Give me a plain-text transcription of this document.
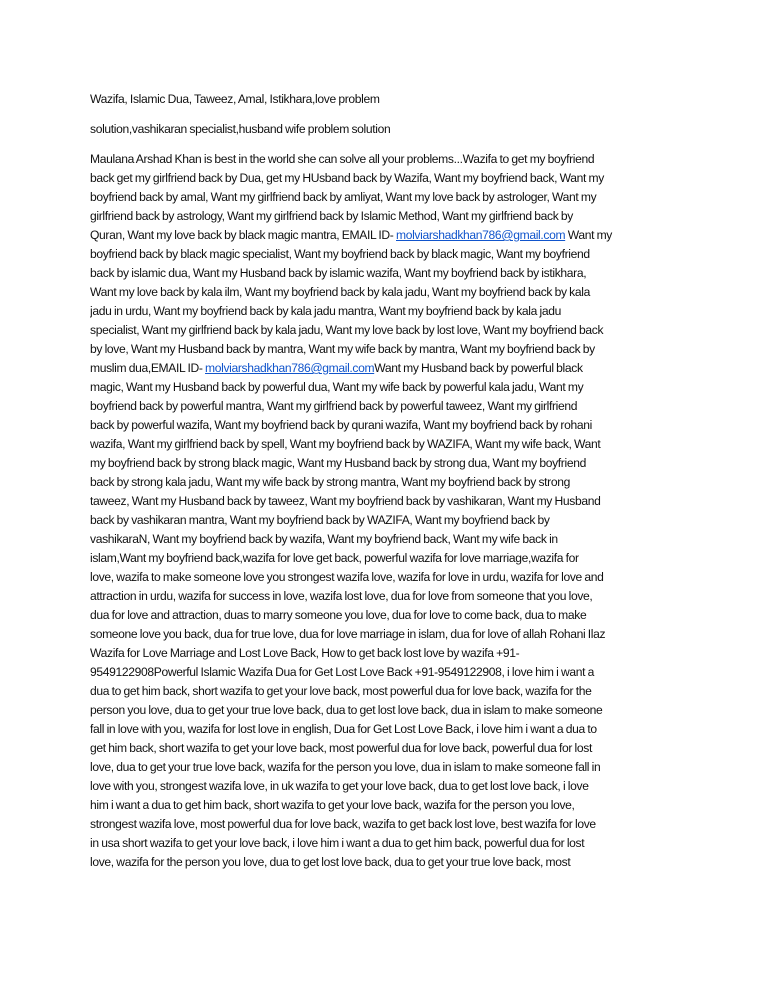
Wazifa, Islamic Dua, Taweez, Amal, Istikhara,love problem
solution,vashikaran specialist,husband wife problem solution
Maulana Arshad Khan is best in the world she can solve all your problems...Wazifa to get my boyfriend
back get my girlfriend back by Dua, get my HUsband back by Wazifa, Want my boyfriend back, Want my
boyfriend back by amal, Want my girlfriend back by amliyat, Want my love back by astrologer, Want my
girlfriend back by astrology, Want my girlfriend back by Islamic Method, Want my girlfriend back by
Quran, Want my love back by black magic mantra, EMAIL ID- molviarshadkhan786@gmail.com Want my
boyfriend back by black magic specialist, Want my boyfriend back by black magic, Want my boyfriend
back by islamic dua, Want my Husband back by islamic wazifa, Want my boyfriend back by istikhara,
Want my love back by kala ilm, Want my boyfriend back by kala jadu, Want my boyfriend back by kala
jadu in urdu, Want my boyfriend back by kala jadu mantra, Want my boyfriend back by kala jadu
specialist, Want my girlfriend back by kala jadu, Want my love back by lost love, Want my boyfriend back
by love, Want my Husband back by mantra, Want my wife back by mantra, Want my boyfriend back by
muslim dua,EMAIL ID- molviarshadkhan786@gmail.comWant my Husband back by powerful black
magic, Want my Husband back by powerful dua, Want my wife back by powerful kala jadu, Want my
boyfriend back by powerful mantra, Want my girlfriend back by powerful taweez, Want my girlfriend
back by powerful wazifa, Want my boyfriend back by qurani wazifa, Want my boyfriend back by rohani
wazifa, Want my girlfriend back by spell, Want my boyfriend back by WAZIFA, Want my wife back, Want
my boyfriend back by strong black magic, Want my Husband back by strong dua, Want my boyfriend
back by strong kala jadu, Want my wife back by strong mantra, Want my boyfriend back by strong
taweez, Want my Husband back by taweez, Want my boyfriend back by vashikaran, Want my Husband
back by vashikaran mantra, Want my boyfriend back by WAZIFA, Want my boyfriend back by
vashikaraN, Want my boyfriend back by wazifa, Want my boyfriend back, Want my wife back in
islam,Want my boyfriend back,wazifa for love get back, powerful wazifa for love marriage,wazifa for
love, wazifa to make someone love you strongest wazifa love, wazifa for love in urdu, wazifa for love and
attraction in urdu, wazifa for success in love, wazifa lost love, dua for love from someone that you love,
dua for love and attraction, duas to marry someone you love, dua for love to come back, dua to make
someone love you back, dua for true love, dua for love marriage in islam, dua for love of allah Rohani Ilaz
Wazifa for Love Marriage and Lost Love Back, How to get back lost love by wazifa +91-
9549122908Powerful Islamic Wazifa Dua for Get Lost Love Back +91-9549122908, i love him i want a
dua to get him back, short wazifa to get your love back, most powerful dua for love back, wazifa for the
person you love, dua to get your true love back, dua to get lost love back, dua in islam to make someone
fall in love with you, wazifa for lost love in english, Dua for Get Lost Love Back, i love him i want a dua to
get him back, short wazifa to get your love back, most powerful dua for love back, powerful dua for lost
love, dua to get your true love back, wazifa for the person you love, dua in islam to make someone fall in
love with you, strongest wazifa love, in uk wazifa to get your love back, dua to get lost love back, i love
him i want a dua to get him back, short wazifa to get your love back, wazifa for the person you love,
strongest wazifa love, most powerful dua for love back, wazifa to get back lost love, best wazifa for love
in usa short wazifa to get your love back, i love him i want a dua to get him back, powerful dua for lost
love, wazifa for the person you love, dua to get lost love back, dua to get your true love back, most
